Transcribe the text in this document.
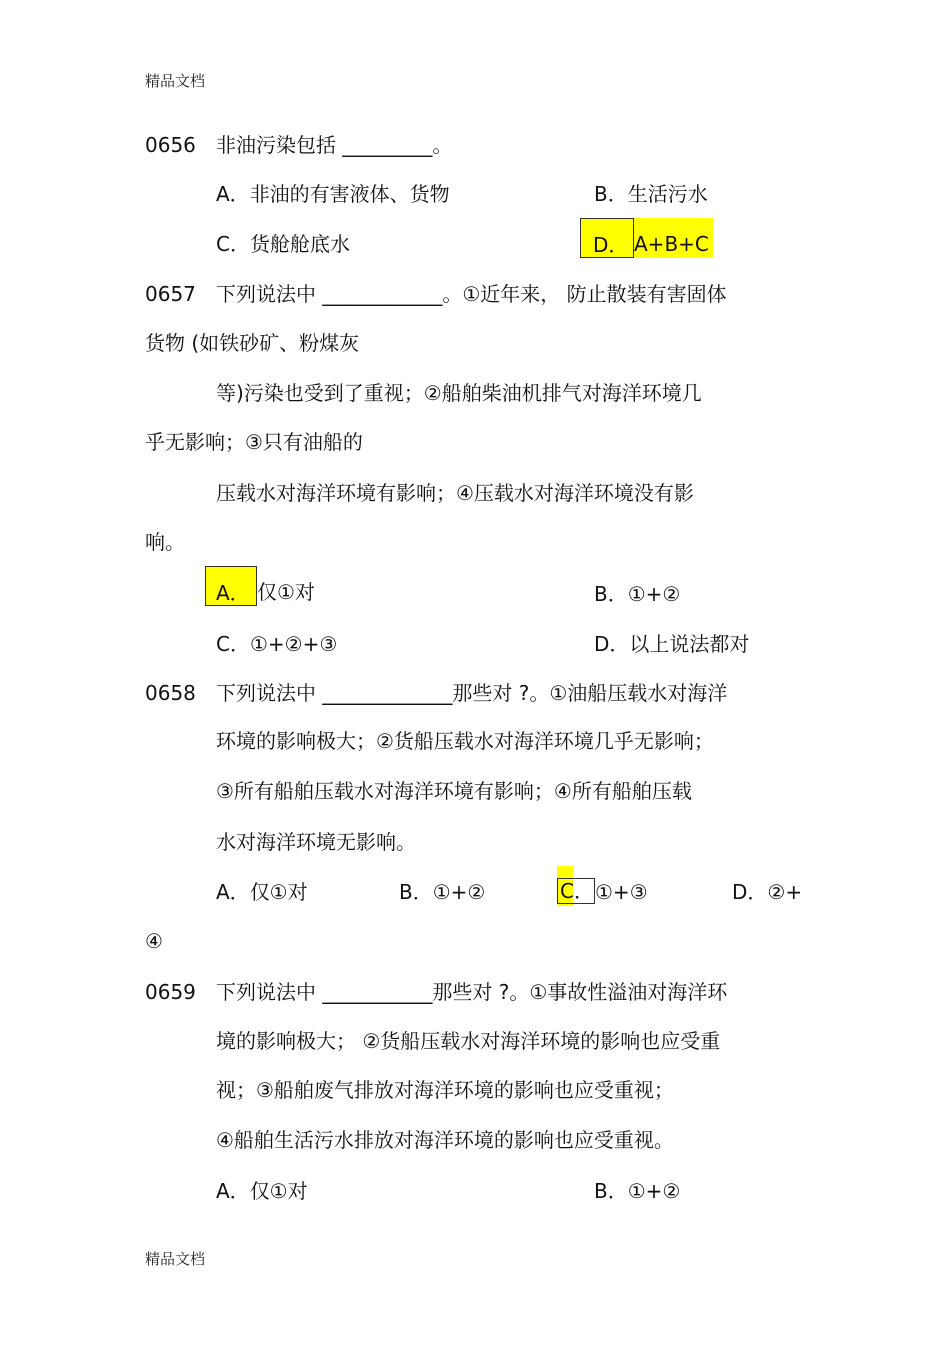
精品文档
0656 非油污染包括 _________。
A．非油的有害液体、货物	B．生活污水
C．货舱舱底水	D． A+B+C
0657 下列说法中 ____________。①近年来， 防止散装有害固体
货物 (如铁砂矿、粉煤灰
等)污染也受到了重视；②船舶柴油机排气对海洋环境几
乎无影响；③只有油船的
压载水对海洋环境有影响；④压载水对海洋环境没有影
响。
A． 仅①对	B．①+②
C．①+②+③	D．以上说法都对
0658 下列说法中 _____________那些对 ?。①油船压载水对海洋
环境的影响极大；②货船压载水对海洋环境几乎无影响；
③所有船舶压载水对海洋环境有影响；④所有船舶压载
水对海洋环境无影响。
A．仅①对	B．①+②	C．①+③	D．②+
④
0659 下列说法中 ___________那些对 ?。①事故性溢油对海洋环
境的影响极大； ②货船压载水对海洋环境的影响也应受重
视；③船舶废气排放对海洋环境的影响也应受重视；
④船舶生活污水排放对海洋环境的影响也应受重视。
A．仅①对	B．①+②
精品文档
